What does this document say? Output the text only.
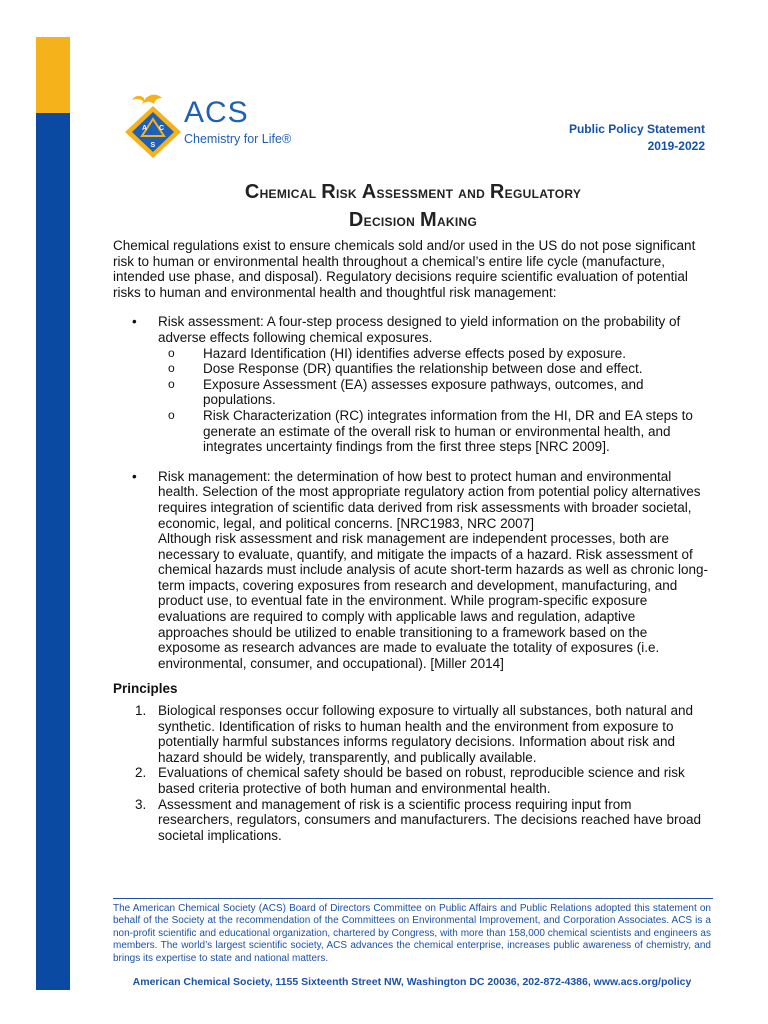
A C
S
ACS
Chemistry for Life®
Public Policy Statement
2019-2022
Chemical Risk Assessment and Regulatory
Decision Making

Chemical regulations exist to ensure chemicals sold and/or used in the US do not pose significant risk to human or environmental health throughout a chemical’s entire life cycle (manufacture, intended use phase, and disposal). Regulatory decisions require scientific evaluation of potential risks to human and environmental health and thoughtful risk management:

• Risk assessment: A four-step process designed to yield information on the probability of adverse effects following chemical exposures.
o Hazard Identification (HI) identifies adverse effects posed by exposure.
o Dose Response (DR) quantifies the relationship between dose and effect.
o Exposure Assessment (EA) assesses exposure pathways, outcomes, and populations.
o Risk Characterization (RC) integrates information from the HI, DR and EA steps to generate an estimate of the overall risk to human or environmental health, and integrates uncertainty findings from the first three steps [NRC 2009].
• Risk management: the determination of how best to protect human and environmental health. Selection of the most appropriate regulatory action from potential policy alternatives requires integration of scientific data derived from risk assessments with broader societal, economic, legal, and political concerns. [NRC1983, NRC 2007]

Although risk assessment and risk management are independent processes, both are necessary to evaluate, quantify, and mitigate the impacts of a hazard. Risk assessment of chemical hazards must include analysis of acute short-term hazards as well as chronic long-term impacts, covering exposures from research and development, manufacturing, and product use, to eventual fate in the environment. While program-specific exposure evaluations are required to comply with applicable laws and regulation, adaptive approaches should be utilized to enable transitioning to a framework based on the exposome as research advances are made to evaluate the totality of exposures (i.e. environmental, consumer, and occupational). [Miller 2014]

Principles
1. Biological responses occur following exposure to virtually all substances, both natural and synthetic. Identification of risks to human health and the environment from exposure to potentially harmful substances informs regulatory decisions. Information about risk and hazard should be widely, transparently, and publically available.
2. Evaluations of chemical safety should be based on robust, reproducible science and risk based criteria protective of both human and environmental health.
3. Assessment and management of risk is a scientific process requiring input from researchers, regulators, consumers and manufacturers. The decisions reached have broad societal implications.
The American Chemical Society (ACS) Board of Directors Committee on Public Affairs and Public Relations adopted this statement on behalf of the Society at the recommendation of the Committees on Environmental Improvement, and Corporation Associates. ACS is a non-profit scientific and educational organization, chartered by Congress, with more than 158,000 chemical scientists and engineers as members. The world’s largest scientific society, ACS advances the chemical enterprise, increases public awareness of chemistry, and brings its expertise to state and national matters.
American Chemical Society, 1155 Sixteenth Street NW, Washington DC 20036, 202-872-4386, www.acs.org/policy
